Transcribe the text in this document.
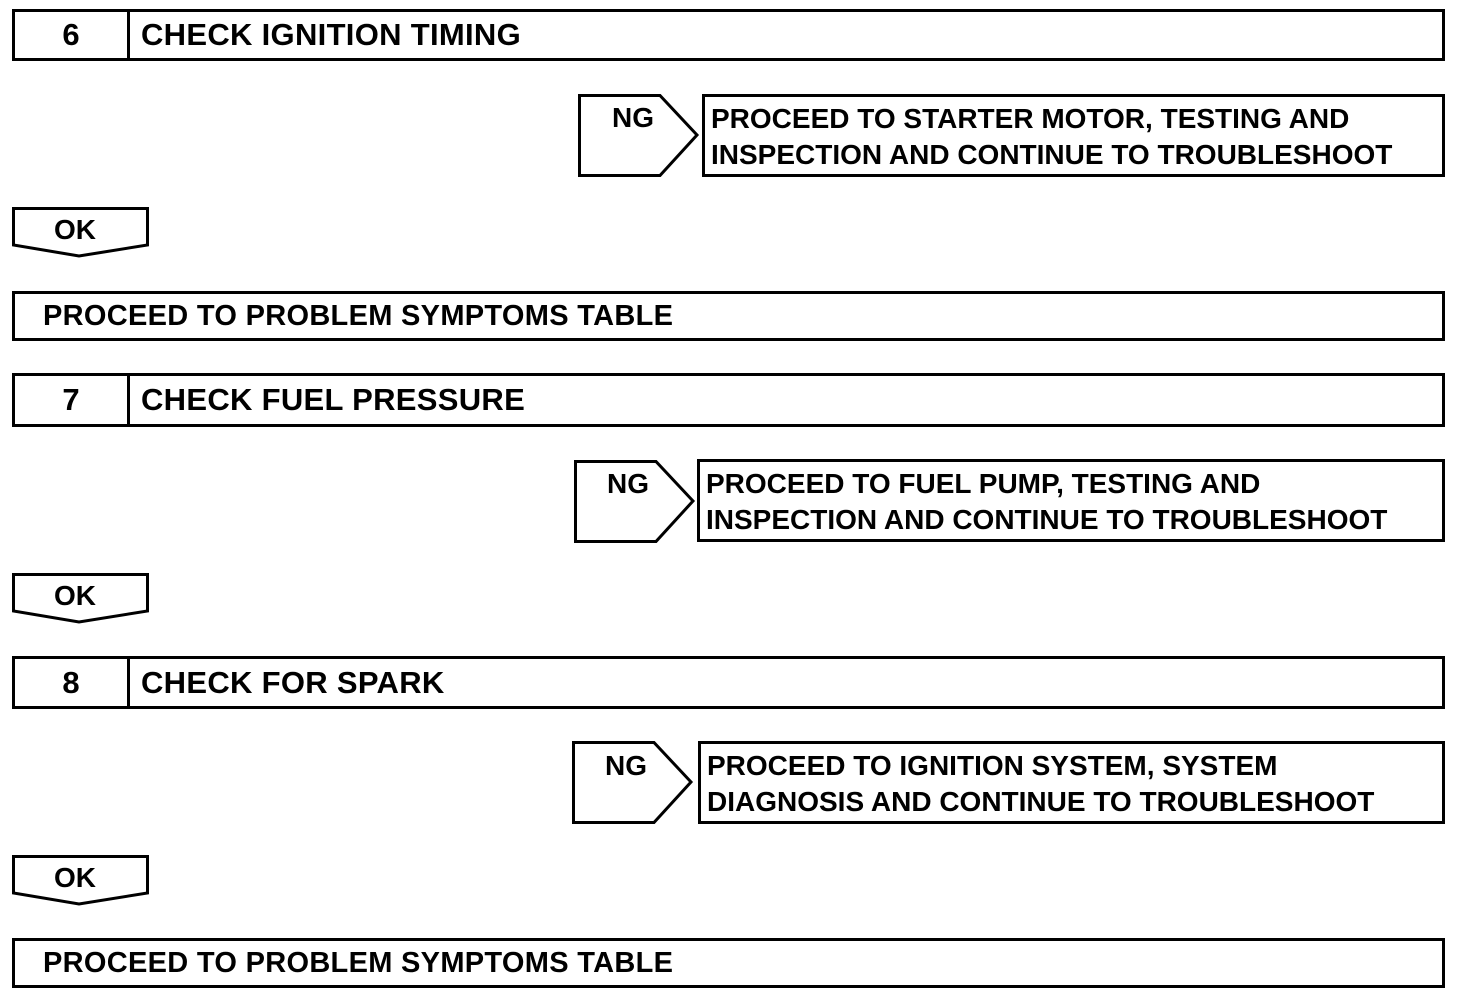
6	CHECK IGNITION TIMING
NG PROCEED TO STARTER MOTOR, TESTING AND
INSPECTION AND CONTINUE TO TROUBLESHOOT
OK
PROCEED TO PROBLEM SYMPTOMS TABLE
7	CHECK FUEL PRESSURE
NG PROCEED TO FUEL PUMP, TESTING AND
INSPECTION AND CONTINUE TO TROUBLESHOOT
OK
8	CHECK FOR SPARK
NG PROCEED TO IGNITION SYSTEM, SYSTEM
DIAGNOSIS AND CONTINUE TO TROUBLESHOOT
OK
PROCEED TO PROBLEM SYMPTOMS TABLE
